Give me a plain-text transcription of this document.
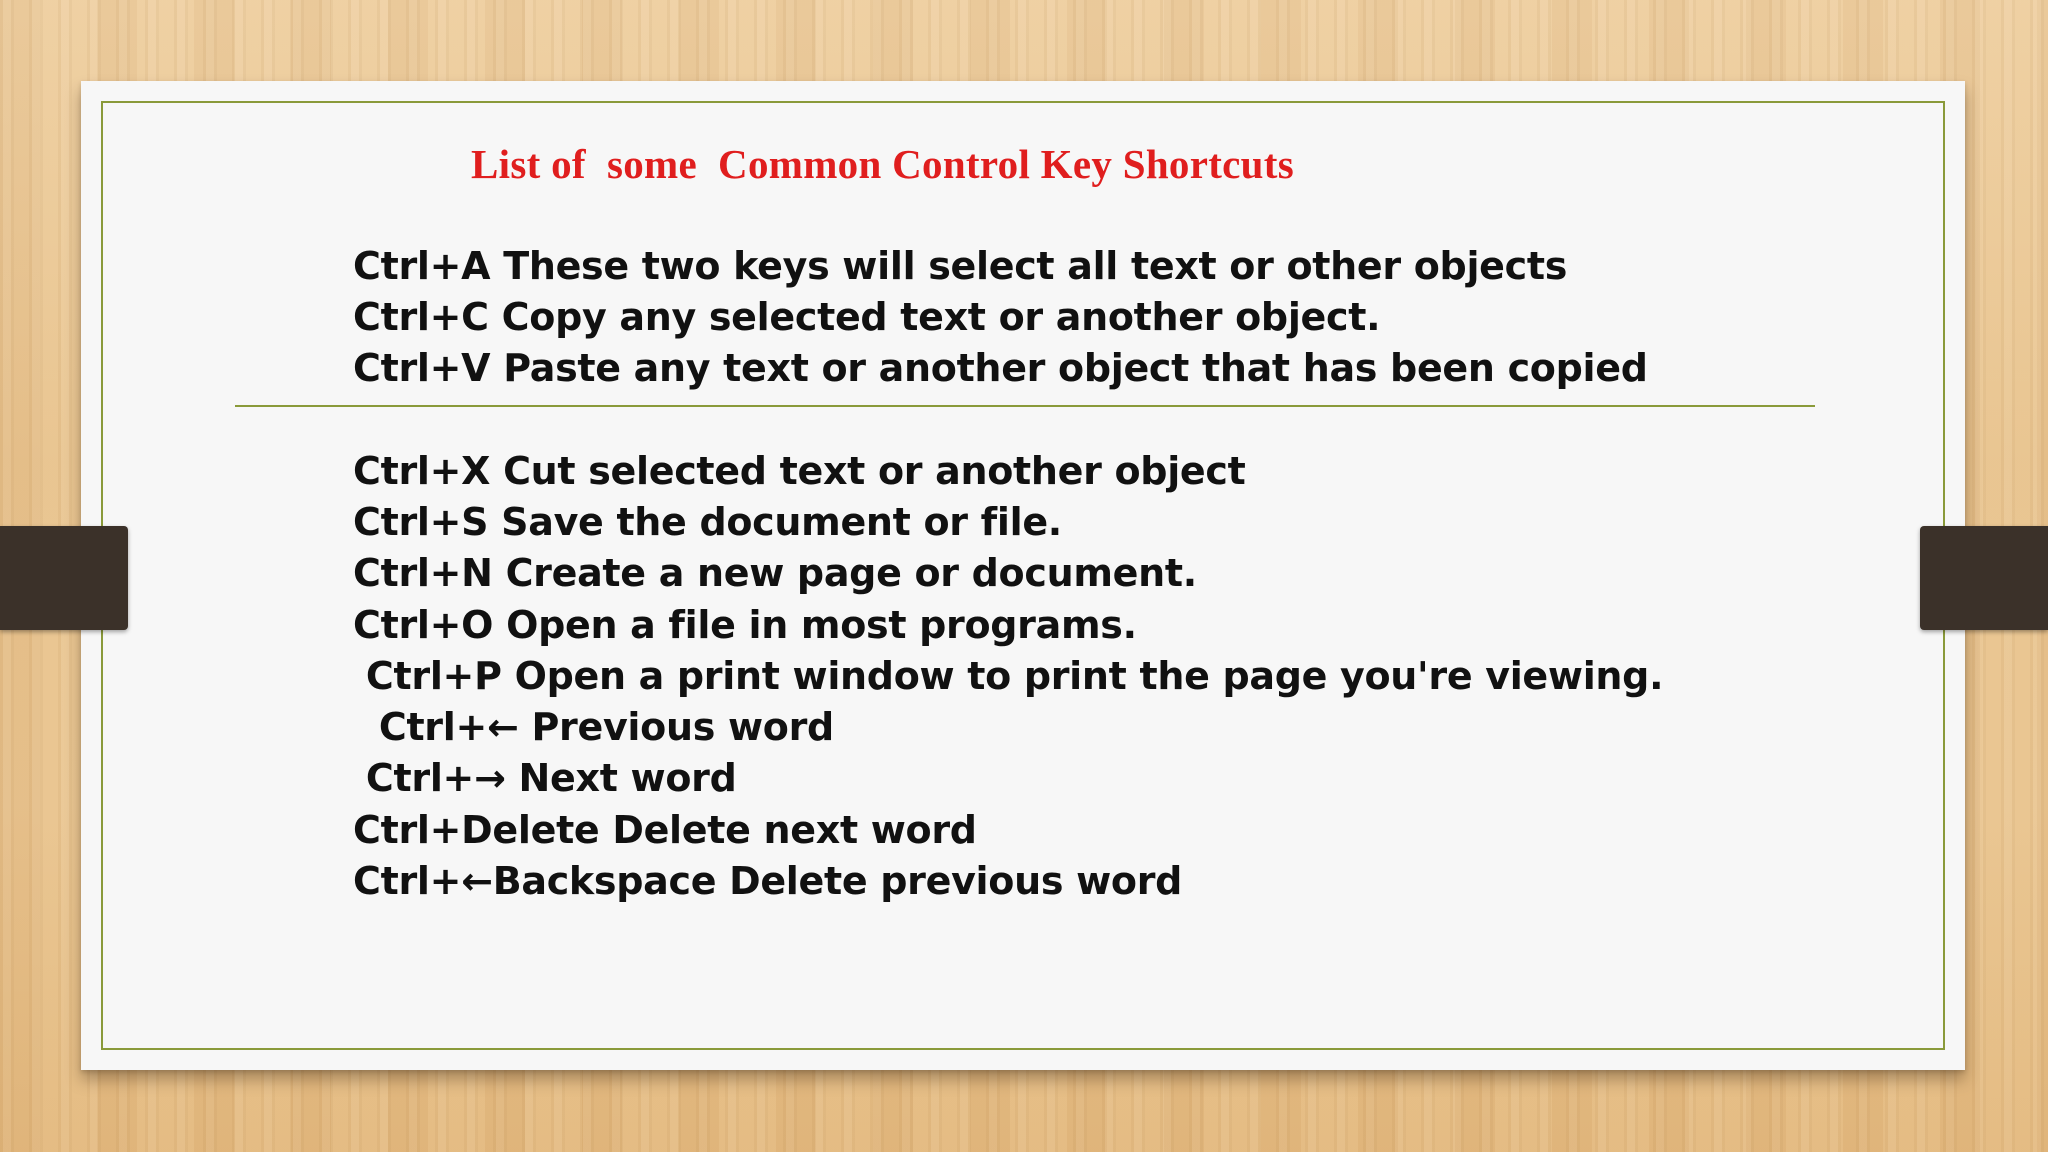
List of  some  Common Control Key Shortcuts

Ctrl+A These two keys will select all text or other objects

Ctrl+C Copy any selected text or another object.

Ctrl+V Paste any text or another object that has been copied

Ctrl+X Cut selected text or another object

Ctrl+S Save the document or file.

Ctrl+N Create a new page or document.

Ctrl+O Open a file in most programs.

Ctrl+P Open a print window to print the page you're viewing.

Ctrl+← Previous word

Ctrl+→ Next word

Ctrl+Delete Delete next word

Ctrl+←Backspace Delete previous word
